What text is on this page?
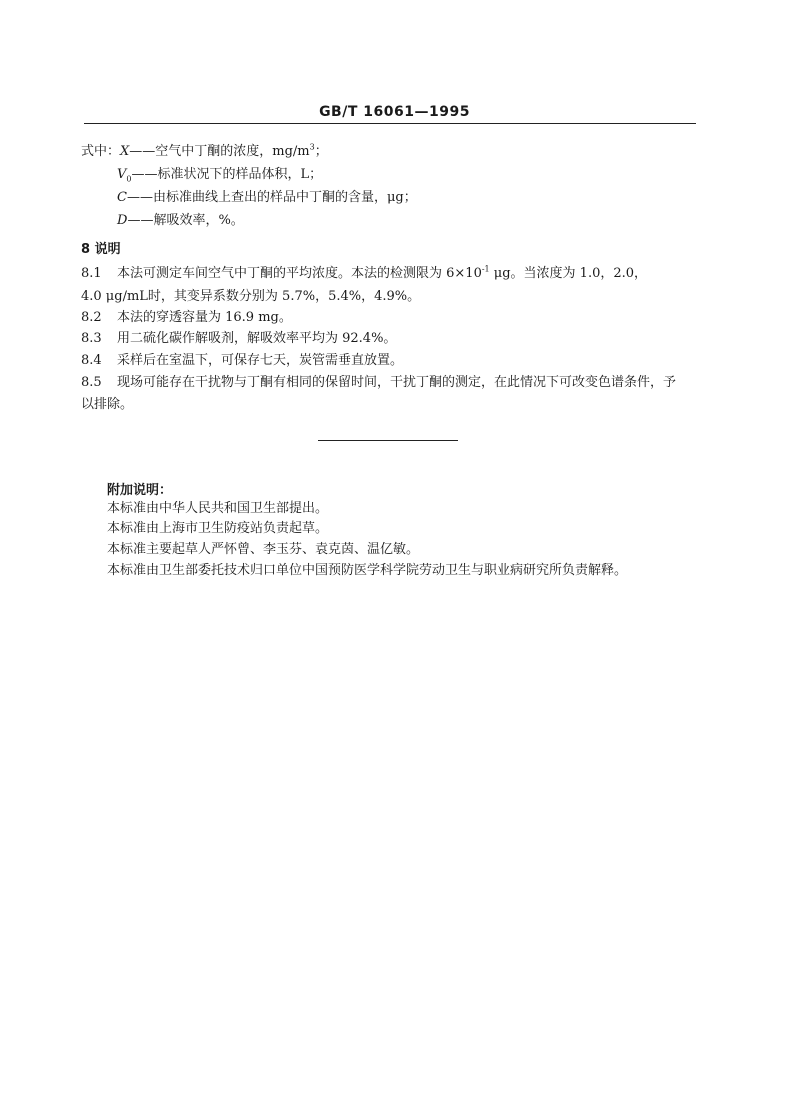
GB/T 16061—1995
式中：X——空气中丁酮的浓度，$mg/m^3$；
$V_0——$标准状况下的样品体积，L；
C——由标准曲线上查出的样品中丁酮的含量，μg；
D——解吸效率，%。
8 说明
8.1 本法可测定车间空气中丁酮的平均浓度。本法的检测限为 $6\times 10^{-1}$ μg。当浓度为 1.0，2.0，
4.0 μg/mL时，其变异系数分别为 5.7%，5.4%，4.9%。
8.2 本法的穿透容量为 16.9 mg。
8.3 用二硫化碳作解吸剂，解吸效率平均为 92.4%。
8.4 采样后在室温下，可保存七天，炭管需垂直放置。
8.5 现场可能存在干扰物与丁酮有相同的保留时间，干扰丁酮的测定，在此情况下可改变色谱条件，予
以排除。
附加说明：
本标准由中华人民共和国卫生部提出。
本标准由上海市卫生防疫站负责起草。
本标准主要起草人严怀曾、李玉芬、袁克茵、温亿敏。
本标准由卫生部委托技术归口单位中国预防医学科学院劳动卫生与职业病研究所负责解释。
